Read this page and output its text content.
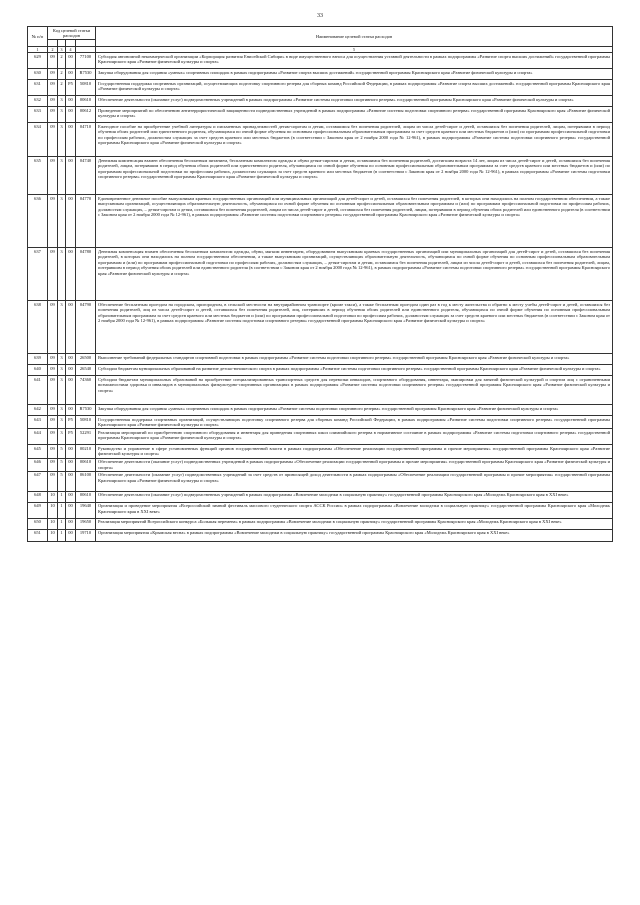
33
№ п/п	Код целевой статьи расходов				Наименование целевой статьи расходов

1	2	3	4		5
629	09	2	00	77100	Субсидия автономной некоммерческой организации «Корпорация развития Енисейской Сибири» в виде имущественного взноса для осуществления уставной деятельности в рамках подпрограммы «Развитие спорта высших достижений» государственной программы Красноярского края «Развитие физической культуры и спорта»
630	09	2	00	R7530	Закупка оборудования для создания «умных» спортивных площадок в рамках подпрограммы «Развитие спорта высших достижений» государственной программы Красноярского края «Развитие физической культуры и спорта»
631	09	2	P5	50810	Государственная поддержка спортивных организаций, осуществляющих подготовку спортивного резерва для сборных команд Российской Федерации, в рамках подпрограммы «Развитие спорта высших достижений» государственной программы Красноярского края «Развитие физической культуры и спорта»
632	09	3	00	00610	Обеспечение деятельности (оказание услуг) подведомственных учреждений в рамках подпрограммы «Развитие системы подготовки спортивного резерва» государственной программы Красноярского края «Развитие физической культуры и спорта»
633	09	3	00	00612	Проведение мероприятий по обеспечению антитеррористической защищенности подведомственных учреждений в рамках подпрограммы «Развитие системы подготовки спортивного резерва» государственной программы Красноярского края «Развитие физической культуры и спорта»
634	09	3	00	04710	Ежегодное пособие на приобретение учебной литературы и письменных принадлежностей детям-сиротам и детям, оставшимся без попечения родителей, лицам из числа детей-сирот и детей, оставшихся без попечения родителей, лицам, потерявшим в период обучения обоих родителей или единственного родителя, обучающимся по очной форме обучения по основным профессиональным образовательным программам за счет средств краевого или местных бюджетов и (или) по программам профессиональной подготовки по профессиям рабочих, должностям служащих за счет средств краевого или местных бюджетов (в соответствии с Законом края от 2 ноября 2000 года № 12-961), в рамках подпрограммы «Развитие системы подготовки спортивного резерва» государственной программы Красноярского края «Развитие физической культуры и спорта»
635	09	3	00	04740	Денежная компенсация взамен обеспечения бесплатным питанием, бесплатным комплектом одежды и обуви детям-сиротам и детям, оставшимся без попечения родителей, достигшим возраста 14 лет, лицам из числа детей-сирот и детей, оставшихся без попечения родителей, лицам, потерявшим в период обучения обоих родителей или единственного родителя, обучающимся по очной форме обучения по основным профессиональным образовательным программам за счет средств краевого или местных бюджетов и (или) по программам профессиональной подготовки по профессиям рабочих, должностям служащих за счет средств краевого или местных бюджетов (в соответствии с Законом края от 2 ноября 2000 года № 12-961), в рамках подпрограммы «Развитие системы подготовки спортивного резерва» государственной программы Красноярского края «Развитие физической культуры и спорта»
636	09	3	00	04770	Единовременное денежное пособие выпускникам краевых государственных организаций или муниципальных организаций для детей-сирот и детей, оставшихся без попечения родителей, в которых они находились на полном государственном обеспечении, а также выпускникам организаций, осуществляющих образовательную деятельность, обучающимся по очной форме обучения по основным профессиональным образовательным программам и (или) по программам профессиональной подготовки по профессиям рабочих, должностям служащих, – детям-сиротам и детям, оставшимся без попечения родителей, лицам из числа детей-сирот и детей, оставшихся без попечения родителей, лицам, потерявшим в период обучения обоих родителей или единственного родителя (в соответствии с Законом края от 2 ноября 2000 года № 12-961), в рамках подпрограммы «Развитие системы подготовки спортивного резерва» государственной программы Красноярского края «Развитие физической культуры и спорта»
637	09	3	00	04780	Денежная компенсация взамен обеспечения бесплатным комплектом одежды, обуви, мягким инвентарем, оборудованием выпускникам краевых государственных организаций или муниципальных организаций для детей-сирот и детей, оставшихся без попечения родителей, в которых они находились на полном государственном обеспечении, а также выпускникам организаций, осуществляющих образовательную деятельность, обучающимся по очной форме обучения по основным профессиональным образовательным программам и (или) по программам профессиональной подготовки по профессиям рабочих, должностям служащих, – детям-сиротам и детям, оставшимся без попечения родителей, лицам из числа детей-сирот и детей, оставшихся без попечения родителей, лицам, потерявшим в период обучения обоих родителей или единственного родителя (в соответствии с Законом края от 2 ноября 2000 года № 12-961), в рамках подпрограммы «Развитие системы подготовки спортивного резерва» государственной программы Красноярского края «Развитие физической культуры и спорта»
638	09	3	00	04790	Обеспечение бесплатным проездом на городском, пригородном, в сельской местности на внутрирайонном транспорте (кроме такси), а также бесплатным проездом один раз в год к месту жительства и обратно к месту учебы детей-сирот и детей, оставшихся без попечения родителей, лиц из числа детей-сирот и детей, оставшихся без попечения родителей, лиц, потерявших в период обучения обоих родителей или единственного родителя, обучающихся по очной форме обучения по основным профессиональным образовательным программам за счет средств краевого или местных бюджетов и (или) по программам профессиональной подготовки по профессиям рабочих, должностям служащих за счет средств краевого или местных бюджетов (в соответствии с Законом края от 2 ноября 2000 года № 12-961), в рамках подпрограммы «Развитие системы подготовки спортивного резерва» государственной программы Красноярского края «Развитие физической культуры и спорта»
639	09	3	00	26500	Выполнение требований федеральных стандартов спортивной подготовки в рамках подпрограммы «Развитие системы подготовки спортивного резерва» государственной программы Красноярского края «Развитие физической культуры и спорта»
640	09	3	00	26540	Субсидии бюджетам муниципальных образований на развитие детско-юношеского спорта в рамках подпрограммы «Развитие системы подготовки спортивного резерва» государственной программы Красноярского края «Развитие физической культуры и спорта»
641	09	3	00	74360	Субсидии бюджетам муниципальных образований на приобретение специализированных транспортных средств для перевозки инвалидов, спортивного оборудования, инвентаря, экипировки для занятий физической культурой и спортом лиц с ограниченными возможностями здоровья и инвалидов в муниципальных физкультурно-спортивных организациях в рамках подпрограммы «Развитие системы подготовки спортивного резерва» государственной программы Красноярского края «Развитие физической культуры и спорта»
642	09	3	00	R7530	Закупка оборудования для создания «умных» спортивных площадок в рамках подпрограммы «Развитие системы подготовки спортивного резерва» государственной программы Красноярского края «Развитие физической культуры и спорта»
643	09	3	P5	50810	Государственная поддержка спортивных организаций, осуществляющих подготовку спортивного резерва для сборных команд Российской Федерации, в рамках подпрограммы «Развитие системы подготовки спортивного резерва» государственной программы Красноярского края «Развитие физической культуры и спорта»
644	09	3	P5	52291	Реализация мероприятий по приобретению спортивного оборудования и инвентаря для приведения спортивных школ олимпийского резерва в нормативное состояние в рамках подпрограммы «Развитие системы подготовки спортивного резерва» государственной программы Красноярского края «Развитие физической культуры и спорта»
645	09	5	00	00210	Руководство и управление в сфере установленных функций органов государственной власти в рамках подпрограммы «Обеспечение реализации государственной программы и прочие мероприятия» государственной программы Красноярского края «Развитие физической культуры и спорта»
646	09	5	00	00610	Обеспечение деятельности (оказание услуг) подведомственных учреждений в рамках подпрограммы «Обеспечение реализации государственной программы и прочие мероприятия» государственной программы Красноярского края «Развитие физической культуры и спорта»
647	09	5	00	06100	Обеспечение деятельности (оказание услуг) подведомственных учреждений за счет средств от приносящей доход деятельности в рамках подпрограммы «Обеспечение реализации государственной программы и прочие мероприятия» государственной программы Красноярского края «Развитие физической культуры и спорта»
648	10	1	00	00610	Обеспечение деятельности (оказание услуг) подведомственных учреждений в рамках подпрограммы «Вовлечение молодежи в социальную практику» государственной программы Красноярского края «Молодежь Красноярского края в XXI веке»
649	10	1	00	19640	Организация и проведение мероприятия «Всероссийский зимний фестиваль массового студенческого спорта АССК России» в рамках подпрограммы «Вовлечение молодежи в социальную практику» государственной программы Красноярского края «Молодежь Красноярского края в XXI веке»
650	10	1	00	19650	Реализация мероприятий Всероссийского конкурса «Большая перемена» в рамках подпрограммы «Вовлечение молодежи в социальную практику» государственной программы Красноярского края «Молодежь Красноярского края в XXI веке»
651	10	1	00	19710	Организация мероприятия «Крымская весна» в рамках подпрограммы «Вовлечение молодежи в социальную практику» государственной программы Красноярского края «Молодежь Красноярского края в XXI веке»
